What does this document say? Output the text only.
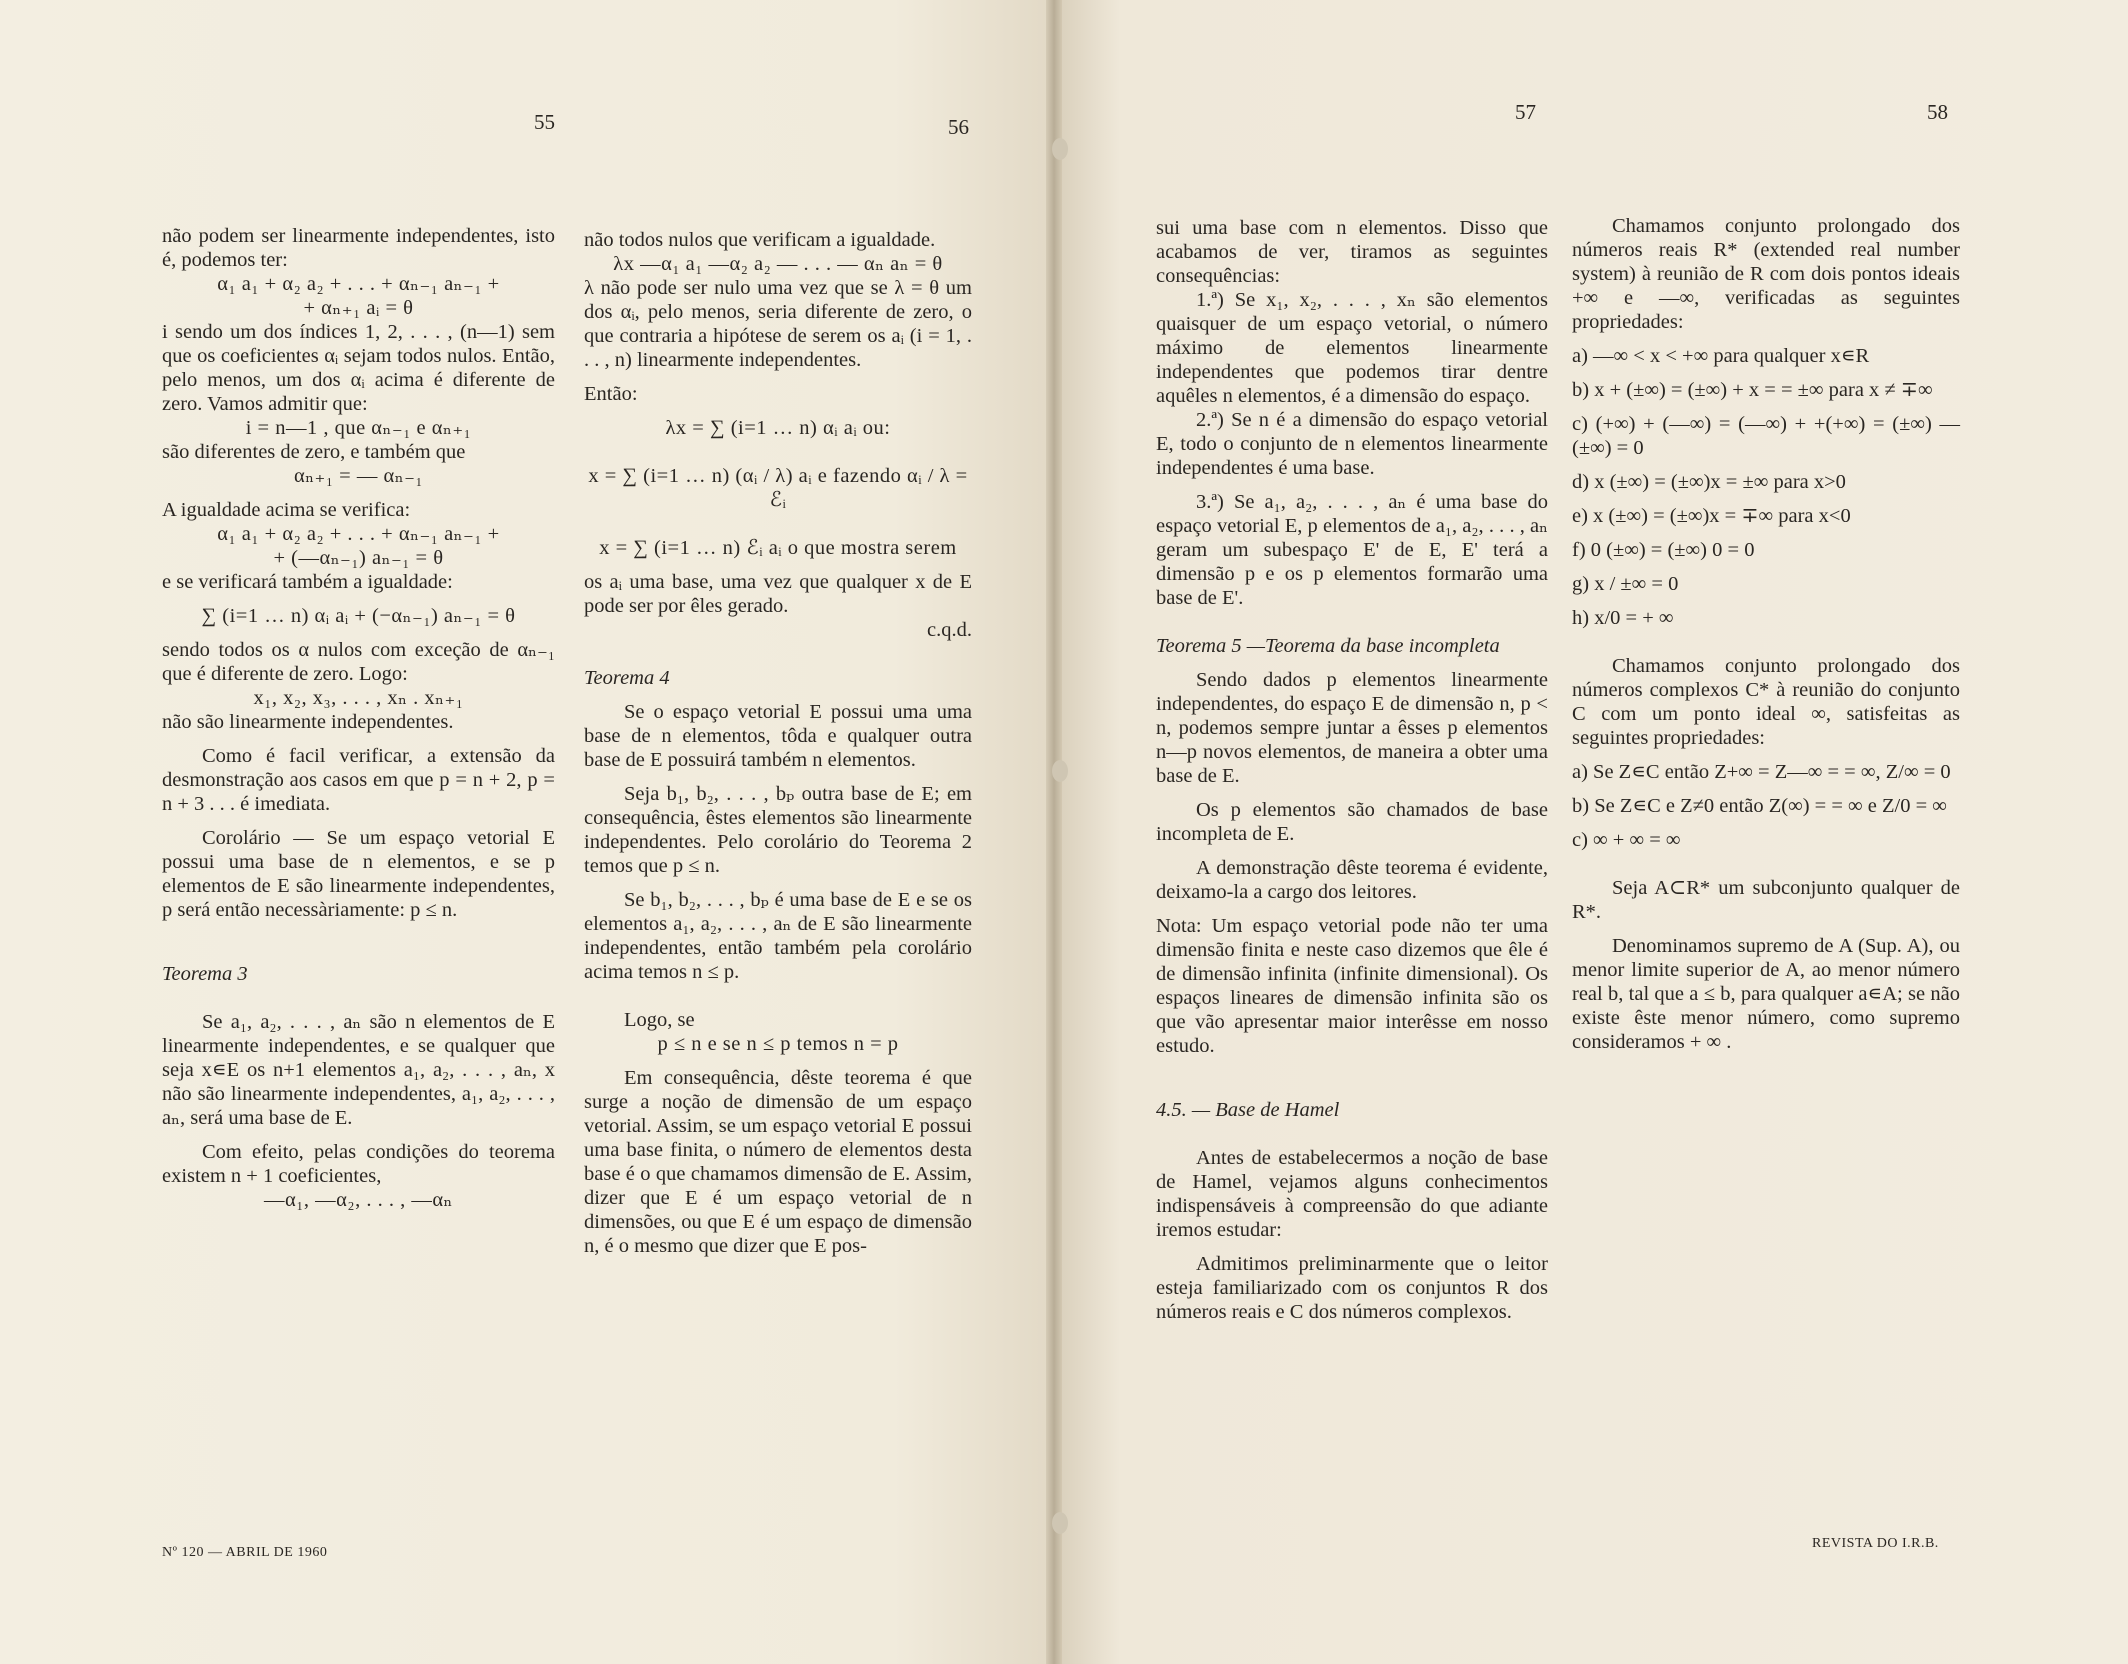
55	56
57	58
não podem ser linearmente independentes, isto é, podemos ter:
α₁ a₁ + α₂ a₂ + . . . + αₙ₋₁ aₙ₋₁ +
+ αₙ₊₁ aᵢ = θ
i sendo um dos índices 1, 2, . . . , (n—1) sem que os coeficientes αᵢ sejam todos nulos. Então, pelo menos, um dos αᵢ acima é diferente de zero. Vamos admitir que:
i = n—1 , que αₙ₋₁ e αₙ₊₁
são diferentes de zero, e também que
αₙ₊₁ = — αₙ₋₁
A igualdade acima se verifica:
α₁ a₁ + α₂ a₂ + . . . + αₙ₋₁ aₙ₋₁ +
+ (—αₙ₋₁) aₙ₋₁ = θ
e se verificará também a igualdade:
∑ (i=1 … n) αᵢ aᵢ + (−αₙ₋₁) aₙ₋₁ = θ
sendo todos os α nulos com exceção de αₙ₋₁ que é diferente de zero. Logo:
x₁, x₂, x₃, . . . , xₙ . xₙ₊₁
não são linearmente independentes.
Como é facil verificar, a extensão da desmonstração aos casos em que p = n + 2, p = n + 3 . . . é imediata.
Corolário — Se um espaço vetorial E possui uma base de n elementos, e se p elementos de E são linearmente independentes, p será então necessàriamente: p ≤ n.
Teorema 3
Se a₁, a₂, . . . , aₙ são n elementos de E linearmente independentes, e se qualquer que seja x∊E os n+1 elementos a₁, a₂, . . . , aₙ, x não são linearmente independentes, a₁, a₂, . . . , aₙ, será uma base de E.
Com efeito, pelas condições do teorema existem n + 1 coeficientes,
—α₁, —α₂, . . . , —αₙ
não todos nulos que verificam a igualdade.
λx —α₁ a₁ —α₂ a₂ — . . . — αₙ aₙ = θ
λ não pode ser nulo uma vez que se λ = θ um dos αᵢ, pelo menos, seria diferente de zero, o que contraria a hipótese de serem os aᵢ (i = 1, . . . , n) linearmente independentes.
Então:
λx = ∑ (i=1 … n) αᵢ aᵢ ou:
x = ∑ (i=1 … n) (αᵢ / λ) aᵢ e fazendo αᵢ / λ = ℰᵢ
x = ∑ (i=1 … n) ℰᵢ aᵢ o que mostra serem
os aᵢ uma base, uma vez que qualquer x de E pode ser por êles gerado.
c.q.d.
Teorema 4
Se o espaço vetorial E possui uma uma base de n elementos, tôda e qualquer outra base de E possuirá também n elementos.
Seja b₁, b₂, . . . , bₚ outra base de E; em consequência, êstes elementos são linearmente independentes. Pelo corolário do Teorema 2 temos que p ≤ n.
Se b₁, b₂, . . . , bₚ é uma base de E e se os elementos a₁, a₂, . . . , aₙ de E são linearmente independentes, então também pela corolário acima temos n ≤ p.
Logo, se
p ≤ n e se n ≤ p temos n = p
Em consequência, dêste teorema é que surge a noção de dimensão de um espaço vetorial. Assim, se um espaço vetorial E possui uma base finita, o número de elementos desta base é o que chamamos dimensão de E. Assim, dizer que E é um espaço vetorial de n dimensões, ou que E é um espaço de dimensão n, é o mesmo que dizer que E pos-
sui uma base com n elementos. Disso que acabamos de ver, tiramos as seguintes consequências:
1.ª) Se x₁, x₂, . . . , xₙ são elementos quaisquer de um espaço vetorial, o número máximo de elementos linearmente independentes que podemos tirar dentre aquêles n elementos, é a dimensão do espaço.
2.ª) Se n é a dimensão do espaço vetorial E, todo o conjunto de n elementos linearmente independentes é uma base.
3.ª) Se a₁, a₂, . . . , aₙ é uma base do espaço vetorial E, p elementos de a₁, a₂, . . . , aₙ geram um subespaço E' de E, E' terá a dimensão p e os p elementos formarão uma base de E'.
Teorema 5 —Teorema da base incompleta
Sendo dados p elementos linearmente independentes, do espaço E de dimensão n, p < n, podemos sempre juntar a êsses p elementos n—p novos elementos, de maneira a obter uma base de E.
Os p elementos são chamados de base incompleta de E.
A demonstração dêste teorema é evidente, deixamo-la a cargo dos leitores.
Nota: Um espaço vetorial pode não ter uma dimensão finita e neste caso dizemos que êle é de dimensão infinita (infinite dimensional). Os espaços lineares de dimensão infinita são os que vão apresentar maior interêsse em nosso estudo.
4.5. — Base de Hamel
Antes de estabelecermos a noção de base de Hamel, vejamos alguns conhecimentos indispensáveis à compreensão do que adiante iremos estudar:
Admitimos preliminarmente que o leitor esteja familiarizado com os conjuntos R dos números reais e C dos números complexos.
Chamamos conjunto prolongado dos números reais R* (extended real number system) à reunião de R com dois pontos ideais +∞ e —∞, verificadas as seguintes propriedades:
a) —∞ < x < +∞ para qualquer x∊R
b) x + (±∞) = (±∞) + x = = ±∞ para x ≠ ∓∞
c) (+∞) + (—∞) = (—∞) + +(+∞) = (±∞) — (±∞) = 0
d) x (±∞) = (±∞)x = ±∞ para x>0
e) x (±∞) = (±∞)x = ∓∞ para x<0
f) 0 (±∞) = (±∞) 0 = 0
g) x / ±∞ = 0
h) x/0 = + ∞
Chamamos conjunto prolongado dos números complexos C* à reunião do conjunto C com um ponto ideal ∞, satisfeitas as seguintes propriedades:
a) Se Z∊C então Z+∞ = Z—∞ = = ∞, Z/∞ = 0
b) Se Z∊C e Z≠0 então Z(∞) = = ∞ e Z/0 = ∞
c) ∞ + ∞ = ∞
Seja A⊂R* um subconjunto qualquer de R*.
Denominamos supremo de A (Sup. A), ou menor limite superior de A, ao menor número real b, tal que a ≤ b, para qualquer a∊A; se não existe êste menor número, como supremo consideramos + ∞ .
Nº 120 — ABRIL DE 1960
REVISTA DO I.R.B.
